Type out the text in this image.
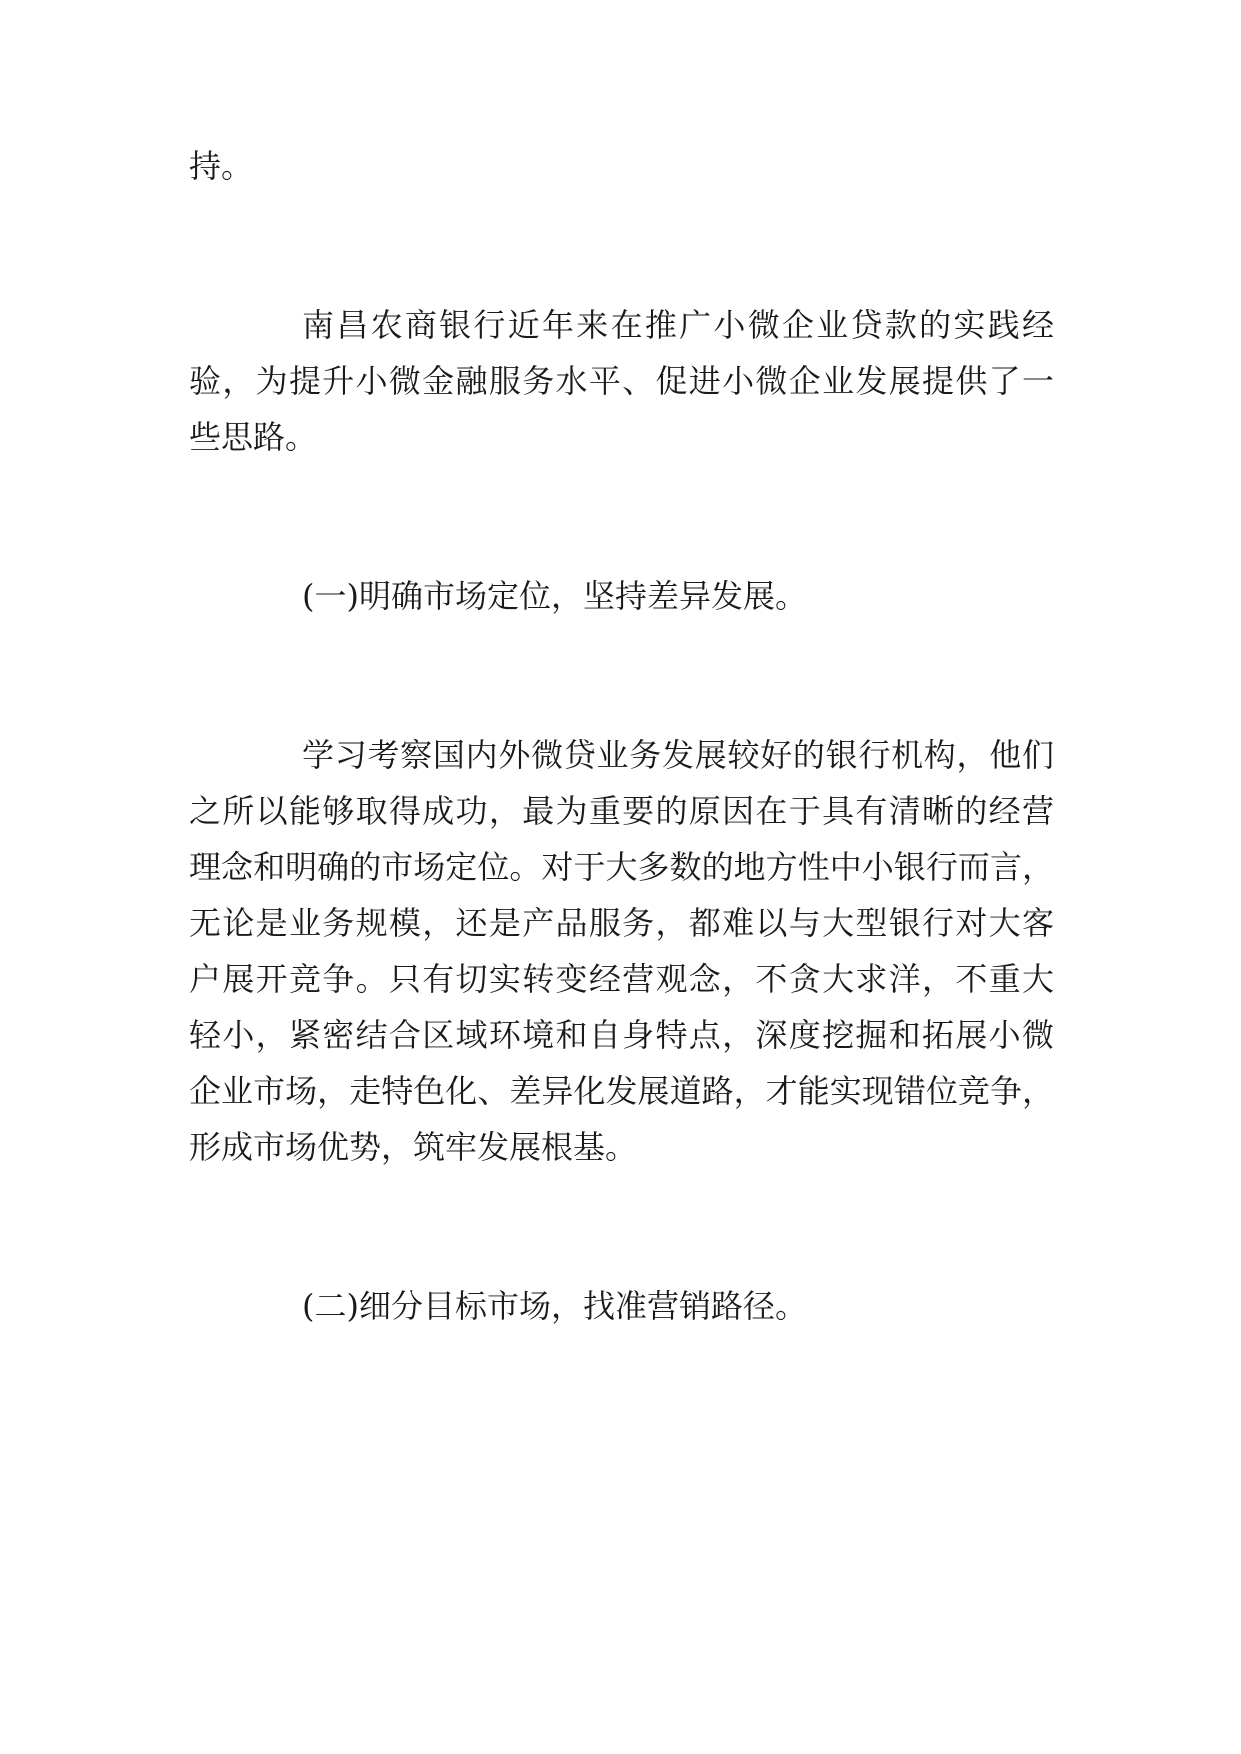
持。
南昌农商银行近年来在推广小微企业贷款的实践经
验，为提升小微金融服务水平、促进小微企业发展提供了一
些思路。
(一)明确市场定位，坚持差异发展。
学习考察国内外微贷业务发展较好的银行机构，他们
之所以能够取得成功，最为重要的原因在于具有清晰的经营
理念和明确的市场定位。对于大多数的地方性中小银行而言，
无论是业务规模，还是产品服务，都难以与大型银行对大客
户展开竞争。只有切实转变经营观念，不贪大求洋，不重大
轻小，紧密结合区域环境和自身特点，深度挖掘和拓展小微
企业市场，走特色化、差异化发展道路，才能实现错位竞争，
形成市场优势，筑牢发展根基。
(二)细分目标市场，找准营销路径。
